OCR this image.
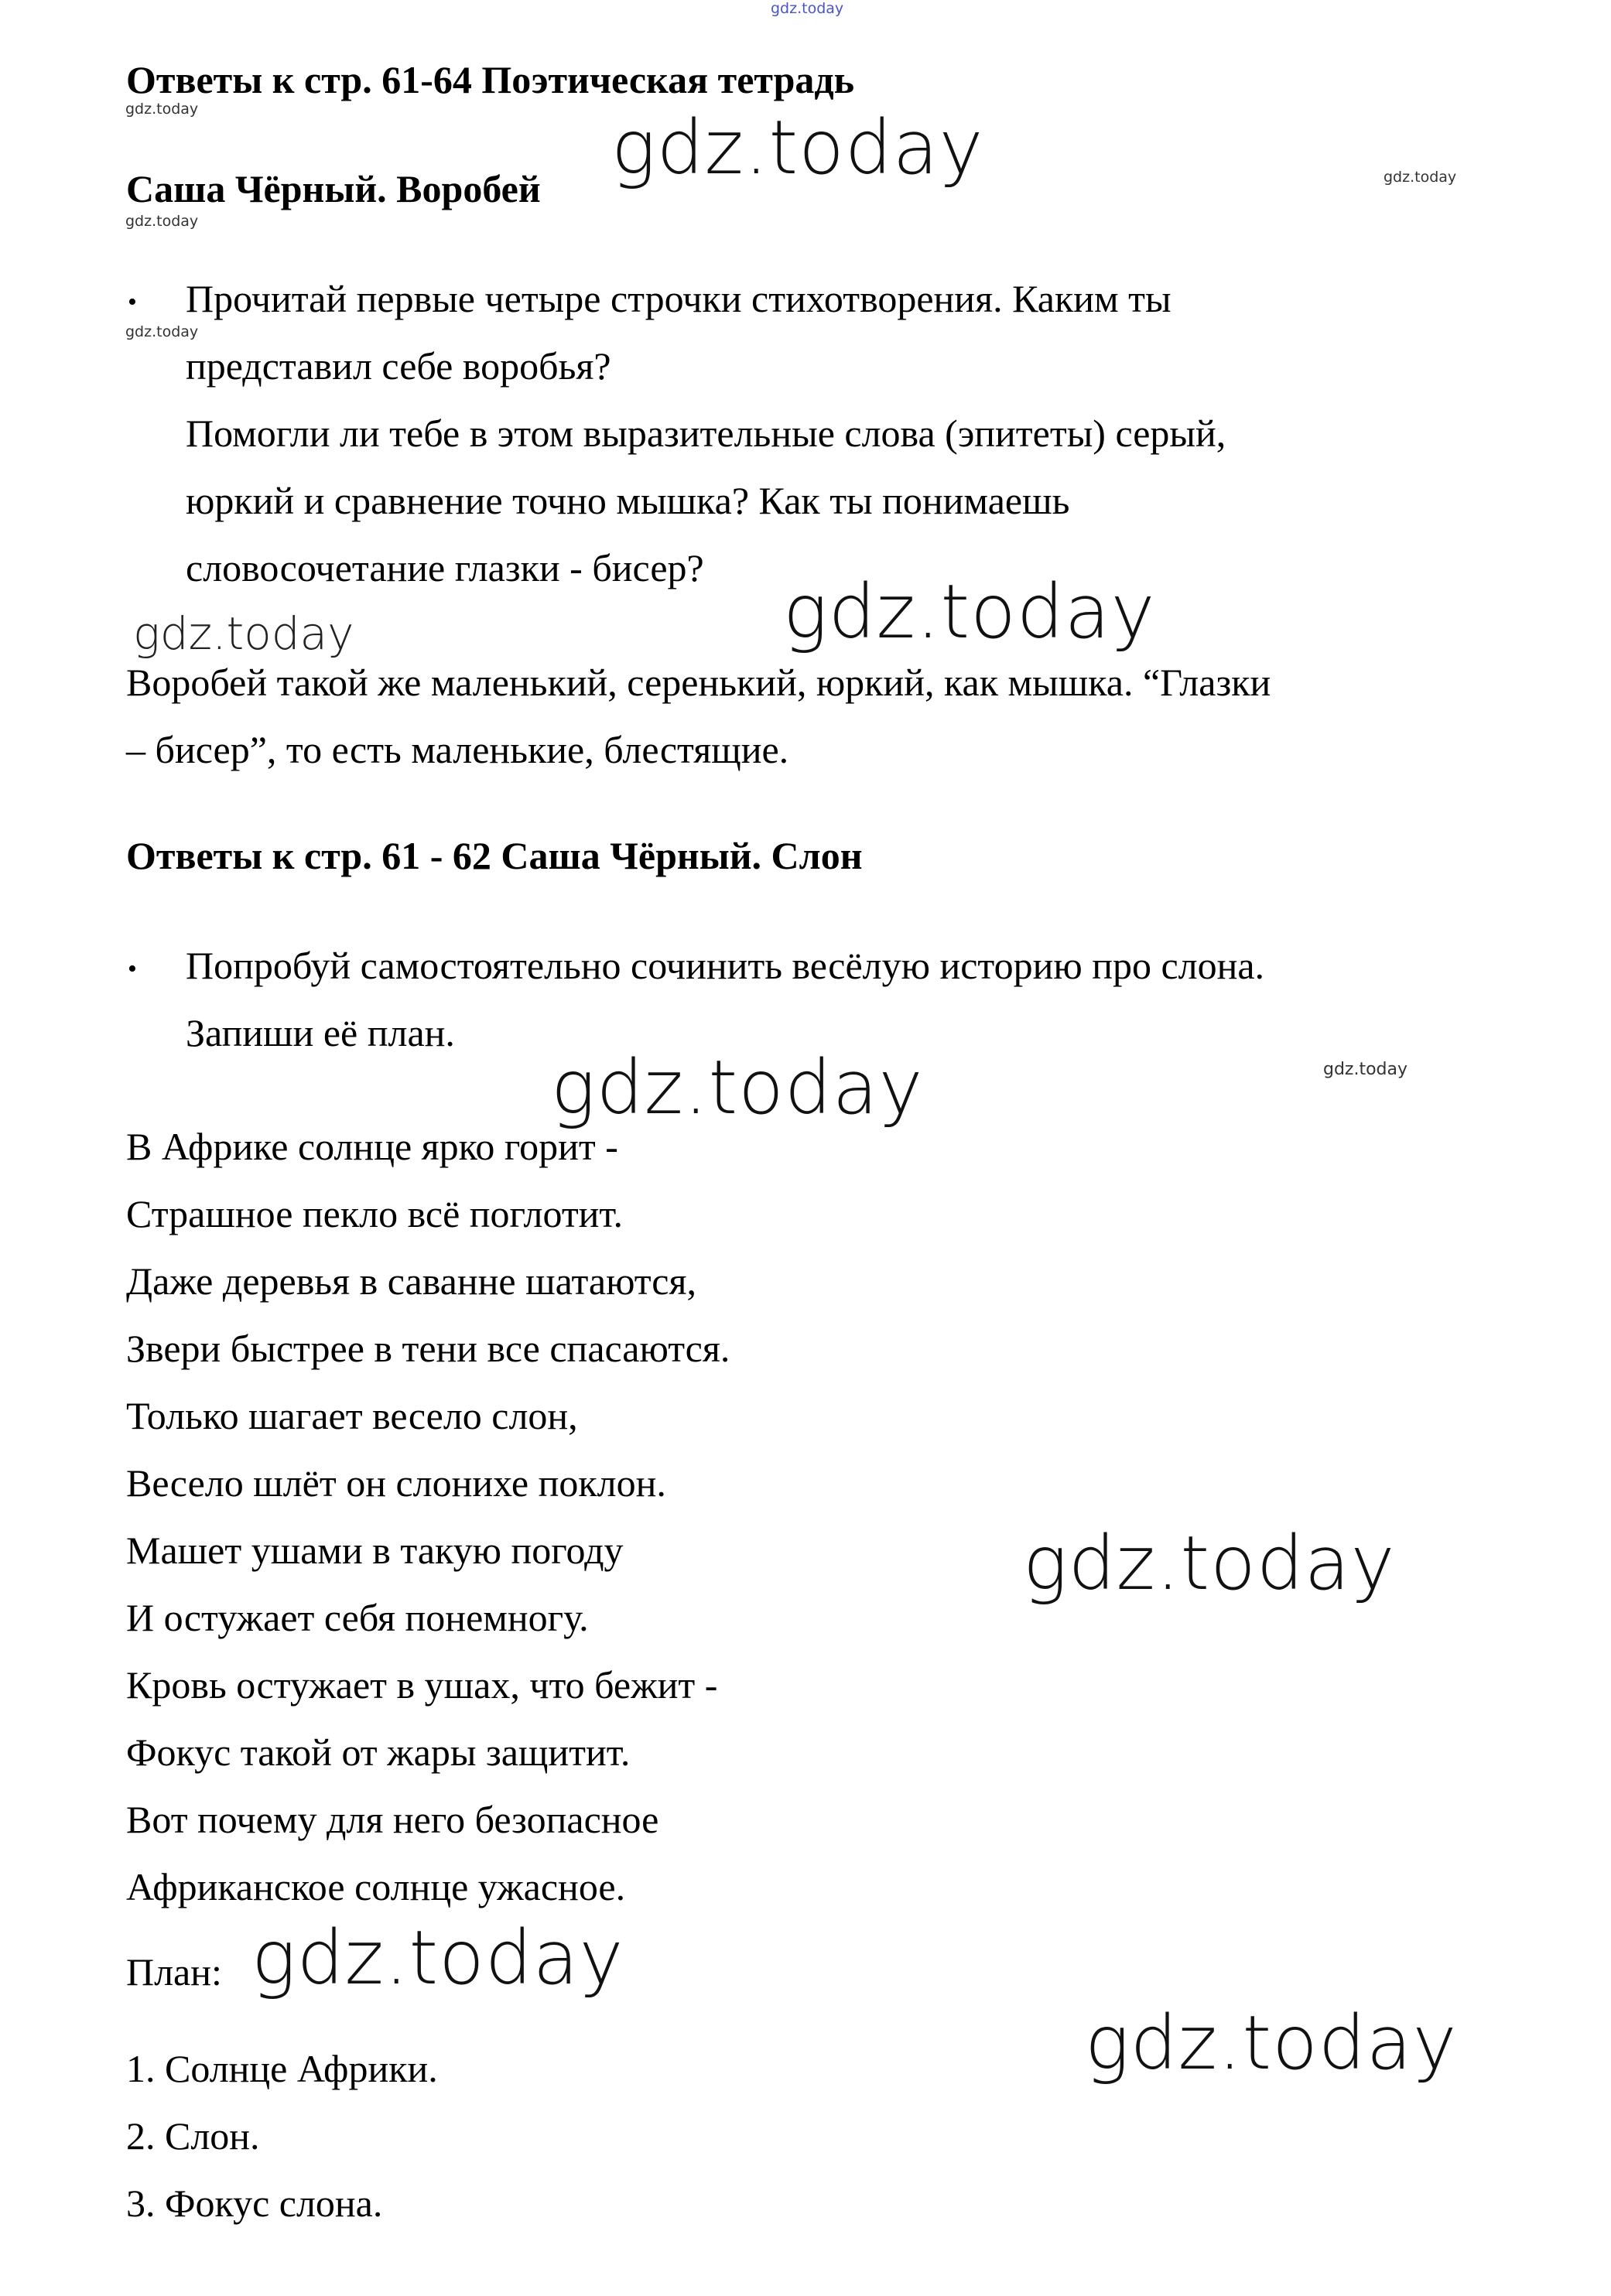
gdz.today
Ответы к стр. 61-64 Поэтическая тетрадь
gdz.today	gdz.today
Саша Чёрный. Воробей	gdz.today
gdz.today
• Прочитай первые четыре строчки стихотворения. Каким ты
gdz.today
представил себе воробья?
Помогли ли тебе в этом выразительные слова (эпитеты) серый,
юркий и сравнение точно мышка? Как ты понимаешь
словосочетание глазки - бисер?
gdz.today
gdz.today
Воробей такой же маленький, серенький, юркий, как мышка. “Глазки
– бисер”, то есть маленькие, блестящие.
Ответы к стр. 61 - 62 Саша Чёрный. Слон
• Попробуй самостоятельно сочинить весёлую историю про слона.
Запиши её план.
gdz.today
gdz.today
В Африке солнце ярко горит -
Страшное пекло всё поглотит.
Даже деревья в саванне шатаются,
Звери быстрее в тени все спасаются.
Только шагает весело слон,
Весело шлёт он слонихе поклон.
Машет ушами в такую погоду	gdz.today
И остужает себя понемногу.
Кровь остужает в ушах, что бежит -
Фокус такой от жары защитит.
Вот почему для него безопасное
Африканское солнце ужасное.
План: gdz.today
gdz.today
1. Солнце Африки.
2. Слон.
3. Фокус слона.
